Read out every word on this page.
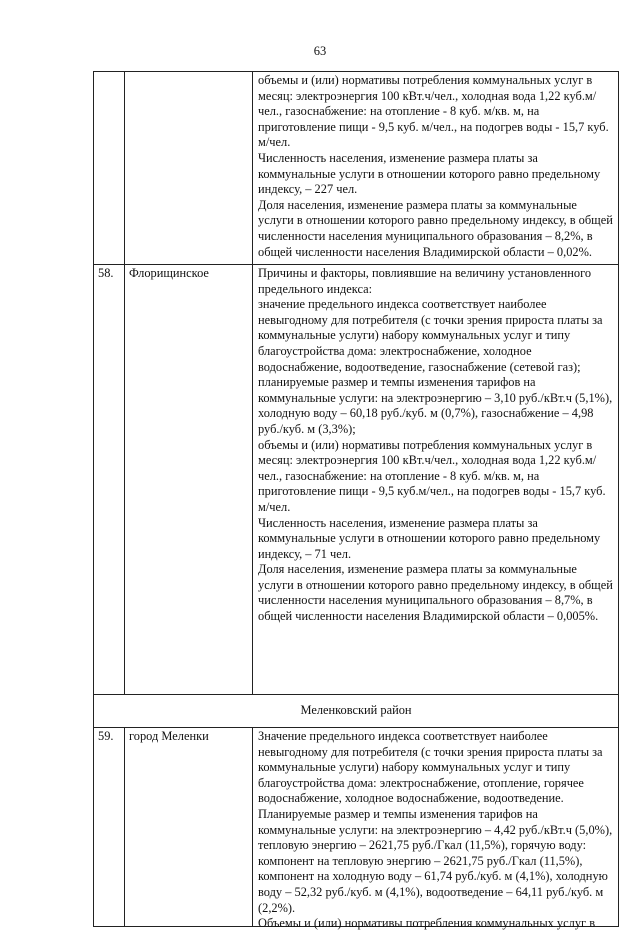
63

объемы и (или) нормативы потребления коммунальных услуг в месяц: электроэнергия 100 кВт.ч/чел., холодная вода 1,22 куб.м/чел., газоснабжение: на отопление - 8 куб. м/кв. м, на приготовление пищи - 9,5 куб. м/чел., на подогрев воды - 15,7 куб. м/чел.

Численность населения, изменение размера платы за коммунальные услуги в отношении которого равно предельному индексу, – 227 чел.

Доля населения, изменение размера платы за коммунальные услуги в отношении которого равно предельному индексу, в общей численности населения муниципального образования – 8,2%, в общей численности населения Владимирской области – 0,02%.

58.	Флорищинское	Причины и факторы, повлиявшие на величину установленного предельного индекса:

значение предельного индекса соответствует наиболее невыгодному для потребителя (с точки зрения прироста платы за коммунальные услуги) набору коммунальных услуг и типу благоустройства дома: электроснабжение, холодное водоснабжение, водоотведение, газоснабжение (сетевой газ);

планируемые размер и темпы изменения тарифов на коммунальные услуги: на электроэнергию – 3,10 руб./кВт.ч (5,1%), холодную воду – 60,18 руб./куб. м (0,7%), газоснабжение – 4,98 руб./куб. м (3,3%);

объемы и (или) нормативы потребления коммунальных услуг в месяц: электроэнергия 100 кВт.ч/чел., холодная вода 1,22 куб.м/чел., газоснабжение: на отопление - 8 куб. м/кв. м, на приготовление пищи - 9,5 куб.м/чел., на подогрев воды - 15,7 куб. м/чел.

Численность населения, изменение размера платы за коммунальные услуги в отношении которого равно предельному индексу, – 71 чел.

Доля населения, изменение размера платы за коммунальные услуги в отношении которого равно предельному индексу, в общей численности населения муниципального образования – 8,7%, в общей численности населения Владимирской области – 0,005%.

Меленковский район
59.	город Меленки	Значение предельного индекса соответствует наиболее невыгодному для потребителя (с точки зрения прироста платы за коммунальные услуги) набору коммунальных услуг и типу благоустройства дома: электроснабжение, отопление, горячее водоснабжение, холодное водоснабжение, водоотведение.

Планируемые размер и темпы изменения тарифов на коммунальные услуги: на электроэнергию – 4,42 руб./кВт.ч (5,0%), тепловую энергию – 2621,75 руб./Гкал (11,5%), горячую воду: компонент на тепловую энергию – 2621,75 руб./Гкал (11,5%), компонент на холодную воду – 61,74 руб./куб. м (4,1%), холодную воду – 52,32 руб./куб. м (4,1%), водоотведение – 64,11 руб./куб. м (2,2%).

Объемы и (или) нормативы потребления коммунальных услуг в
